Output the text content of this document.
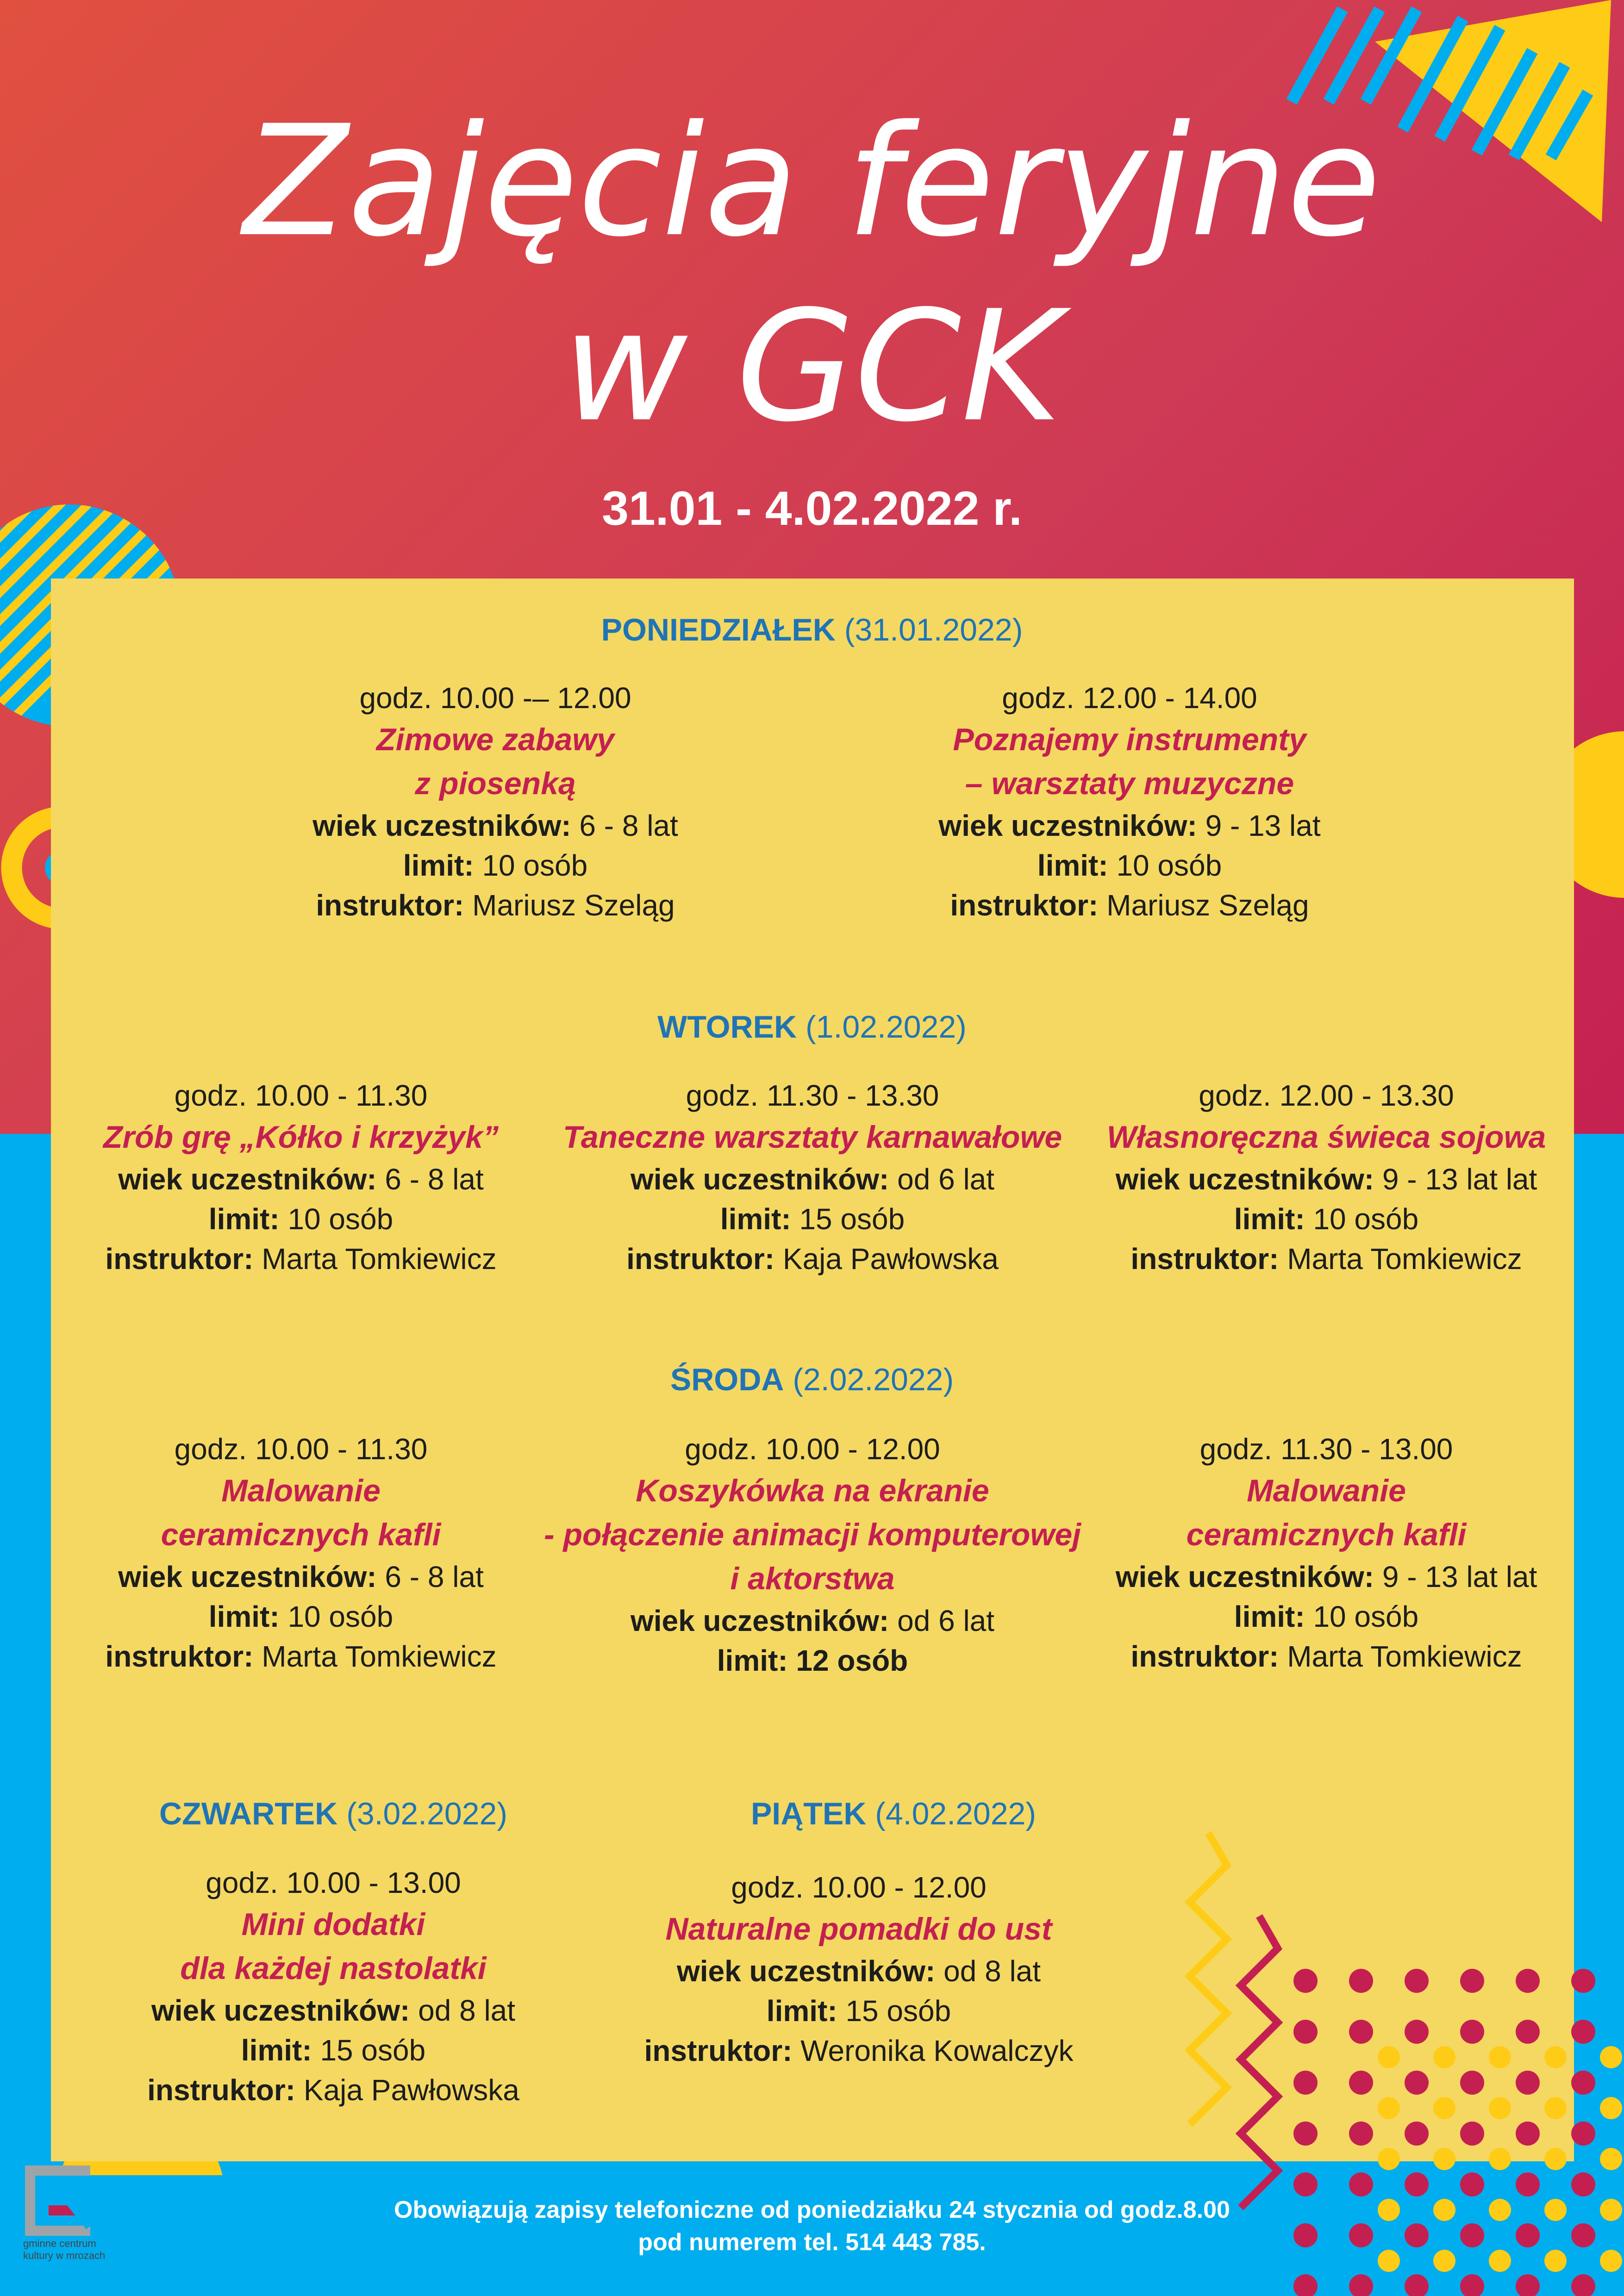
Zajęcia feryjne
w GCK
31.01 - 4.02.2022 r.
PONIEDZIAŁEK (31.01.2022)
godz. 10.00 -– 12.00
Zimowe zabawy
z piosenką
wiek uczestników: 6 - 8 lat
limit: 10 osób
instruktor: Mariusz Szeląg
godz. 12.00 - 14.00
Poznajemy instrumenty
– warsztaty muzyczne
wiek uczestników: 9 - 13 lat
limit: 10 osób
instruktor: Mariusz Szeląg
WTOREK (1.02.2022)
godz. 10.00 - 11.30
Zrób grę „Kółko i krzyżyk”
wiek uczestników: 6 - 8 lat
limit: 10 osób
instruktor: Marta Tomkiewicz
godz. 11.30 - 13.30
Taneczne warsztaty karnawałowe
wiek uczestników: od 6 lat
limit: 15 osób
instruktor: Kaja Pawłowska
godz. 12.00 - 13.30
Własnoręczna świeca sojowa
wiek uczestników: 9 - 13 lat lat
limit: 10 osób
instruktor: Marta Tomkiewicz
ŚRODA (2.02.2022)
godz. 10.00 - 11.30
Malowanie
ceramicznych kafli
wiek uczestników: 6 - 8 lat
limit: 10 osób
instruktor: Marta Tomkiewicz
godz. 10.00 - 12.00
Koszykówka na ekranie
- połączenie animacji komputerowej
i aktorstwa
wiek uczestników: od 6 lat
limit: 12 osób
godz. 11.30 - 13.00
Malowanie
ceramicznych kafli
wiek uczestników: 9 - 13 lat lat
limit: 10 osób
instruktor: Marta Tomkiewicz
CZWARTEK (3.02.2022)
godz. 10.00 - 13.00
Mini dodatki
dla każdej nastolatki
wiek uczestników: od 8 lat
limit: 15 osób
instruktor: Kaja Pawłowska
PIĄTEK (4.02.2022)
godz. 10.00 - 12.00
Naturalne pomadki do ust
wiek uczestników: od 8 lat
limit: 15 osób
instruktor: Weronika Kowalczyk
Obowiązują zapisy telefoniczne od poniedziałku 24 stycznia od godz.8.00
pod numerem tel. 514 443 785.
gminne centrum
kultury w mrozach
